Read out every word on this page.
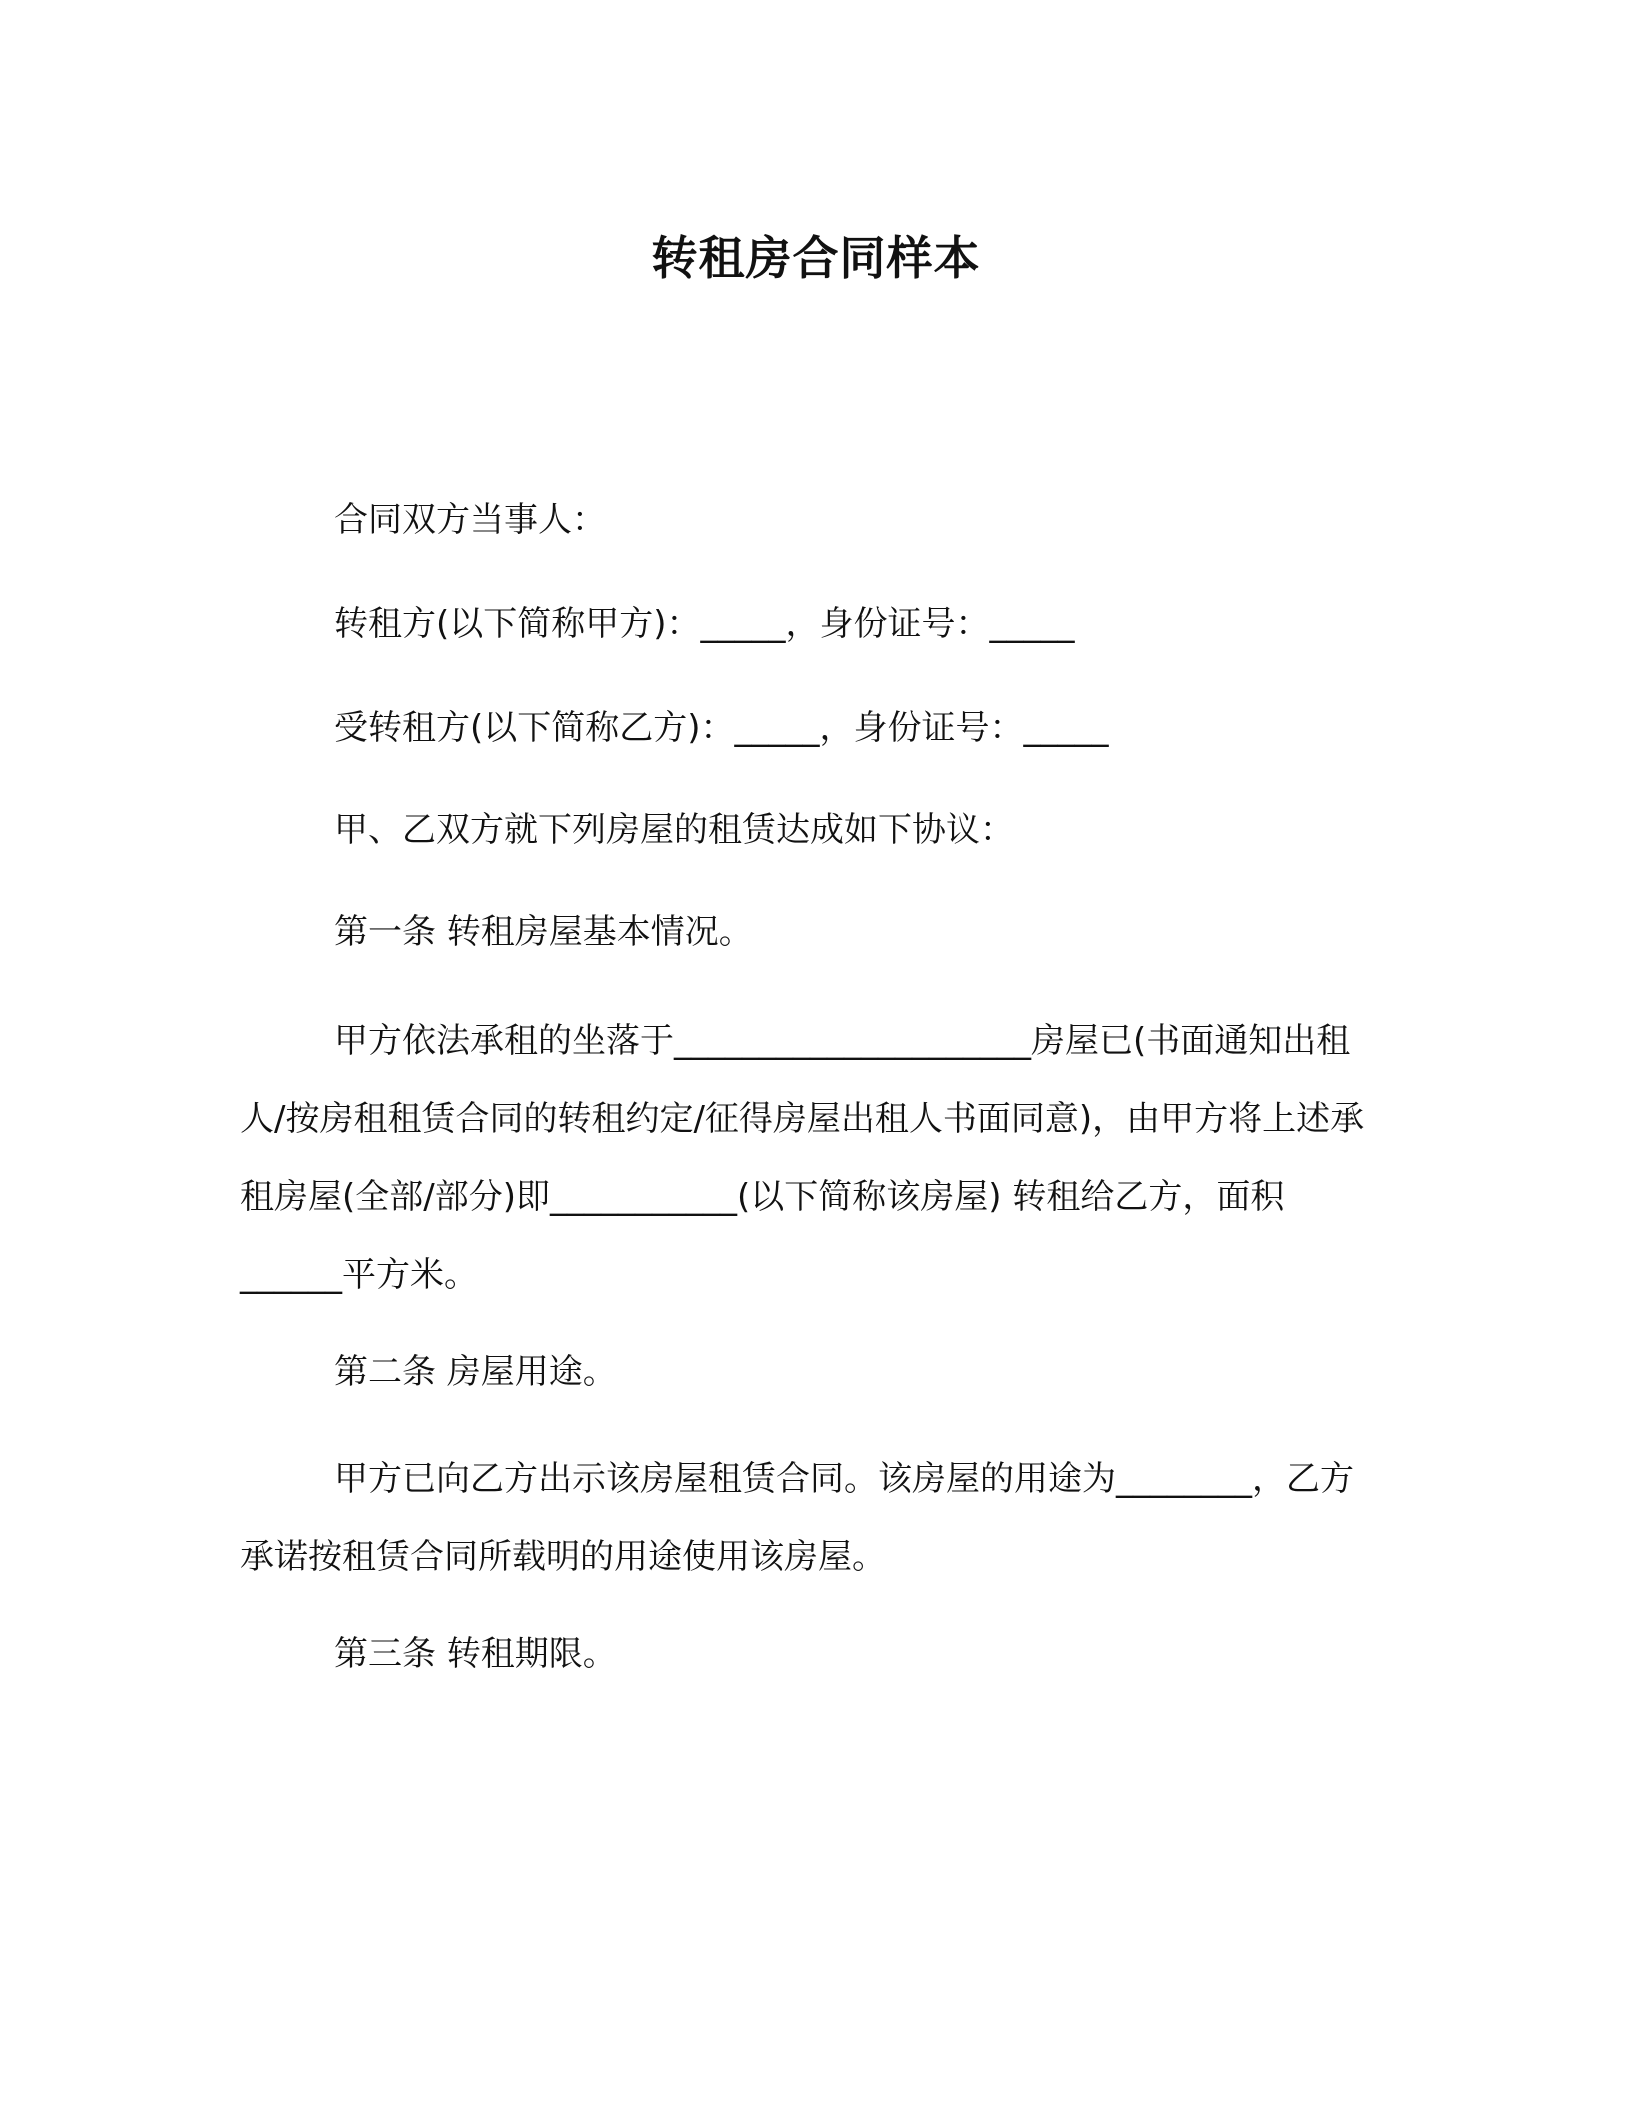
转租房合同样本

合同双方当事人：

转租方(以下简称甲方)：_____，身份证号：_____

受转租方(以下简称乙方)：_____，身份证号：_____

甲、乙双方就下列房屋的租赁达成如下协议：

第一条 转租房屋基本情况。

甲方依法承租的坐落于_____________________房屋已(书面通知出租人/按房租租赁合同的转租约定/征得房屋出租人书面同意)，由甲方将上述承租房屋(全部/部分)即___________(以下简称该房屋) 转租给乙方，面积______平方米。

第二条 房屋用途。

甲方已向乙方出示该房屋租赁合同。该房屋的用途为________，乙方承诺按租赁合同所载明的用途使用该房屋。

第三条 转租期限。
